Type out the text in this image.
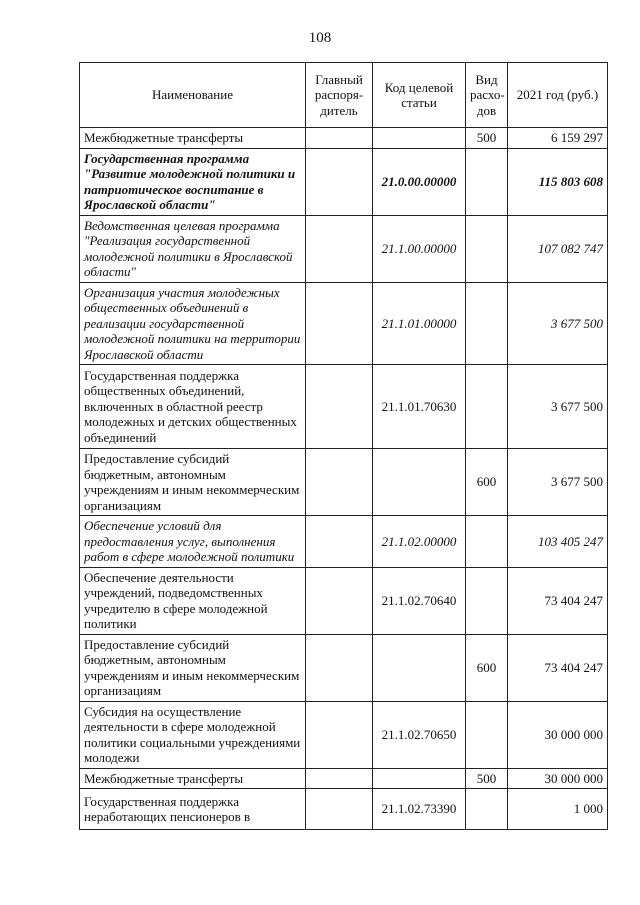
108
Наименование	Главный распоря-дитель	Код целевой статьи	Вид расхо-дов	2021 год (руб.)
Межбюджетные трансферты			500	6 159 297
Государственная программа "Развитие молодежной политики и патриотическое воспитание в Ярославской области"		21.0.00.00000		115 803 608
Ведомственная целевая программа "Реализация государственной молодежной политики в Ярославской области"		21.1.00.00000		107 082 747
Организация участия молодежных общественных объединений в реализации государственной молодежной политики на территории Ярославской области		21.1.01.00000		3 677 500
Государственная поддержка общественных объединений, включенных в областной реестр молодежных и детских общественных объединений		21.1.01.70630		3 677 500
Предоставление субсидий бюджетным, автономным учреждениям и иным некоммерческим организациям			600	3 677 500
Обеспечение условий для предоставления услуг, выполнения работ в сфере молодежной политики		21.1.02.00000		103 405 247
Обеспечение деятельности учреждений, подведомственных учредителю в сфере молодежной политики		21.1.02.70640		73 404 247
Предоставление субсидий бюджетным, автономным учреждениям и иным некоммерческим организациям			600	73 404 247
Субсидия на осуществление деятельности в сфере молодежной политики социальными учреждениями молодежи		21.1.02.70650		30 000 000
Межбюджетные трансферты			500	30 000 000
Государственная поддержка неработающих пенсионеров в		21.1.02.73390		1 000
